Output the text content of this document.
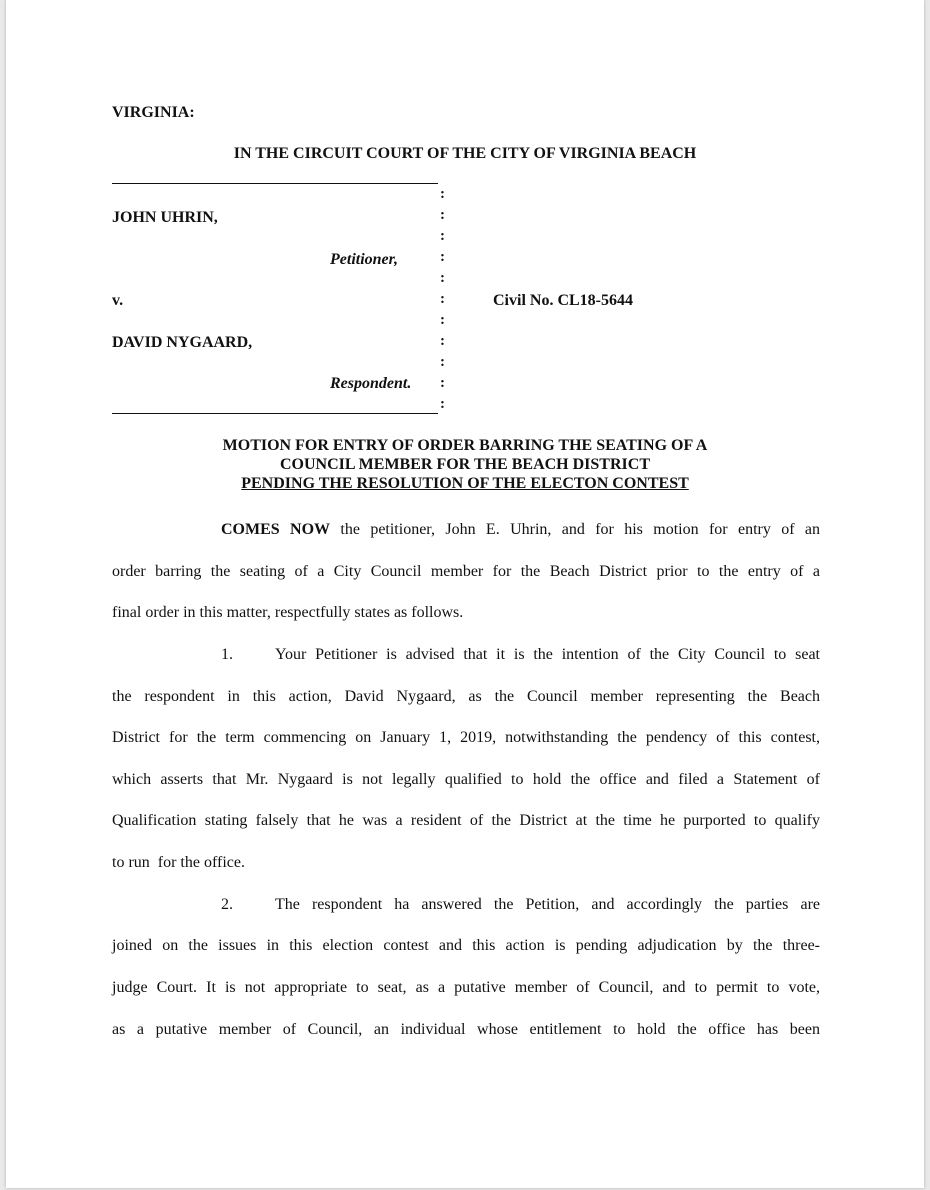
VIRGINIA:
IN THE CIRCUIT COURT OF THE CITY OF VIRGINIA BEACH
:
:
:
:
:
:
:
:
:
:
:
JOHN UHRIN,
Petitioner,
v.	Civil No. CL18-5644
DAVID NYGAARD,
Respondent.
MOTION FOR ENTRY OF ORDER BARRING THE SEATING OF A
COUNCIL MEMBER FOR THE BEACH DISTRICT
PENDING THE RESOLUTION OF THE ELECTON CONTEST
COMES NOW the petitioner, John E. Uhrin, and for his motion for entry of an
order barring the seating of a City Council member for the Beach District prior to the entry of a
final order in this matter, respectfully states as follows.
1.	Your Petitioner is advised that it is the intention of the City Council to seat
the respondent in this action, David Nygaard, as the Council member representing the Beach
District for the term commencing on January 1, 2019, notwithstanding the pendency of this contest,
which asserts that Mr. Nygaard is not legally qualified to hold the office and filed a Statement of
Qualification stating falsely that he was a resident of the District at the time he purported to qualify
to run  for the office.
2.	The respondent ha answered the Petition, and accordingly the parties are
joined on the issues in this election contest and this action is pending adjudication by the three-
judge Court. It is not appropriate to seat, as a putative member of Council, and to permit to vote,
as a putative member of Council, an individual whose entitlement to hold the office has been
